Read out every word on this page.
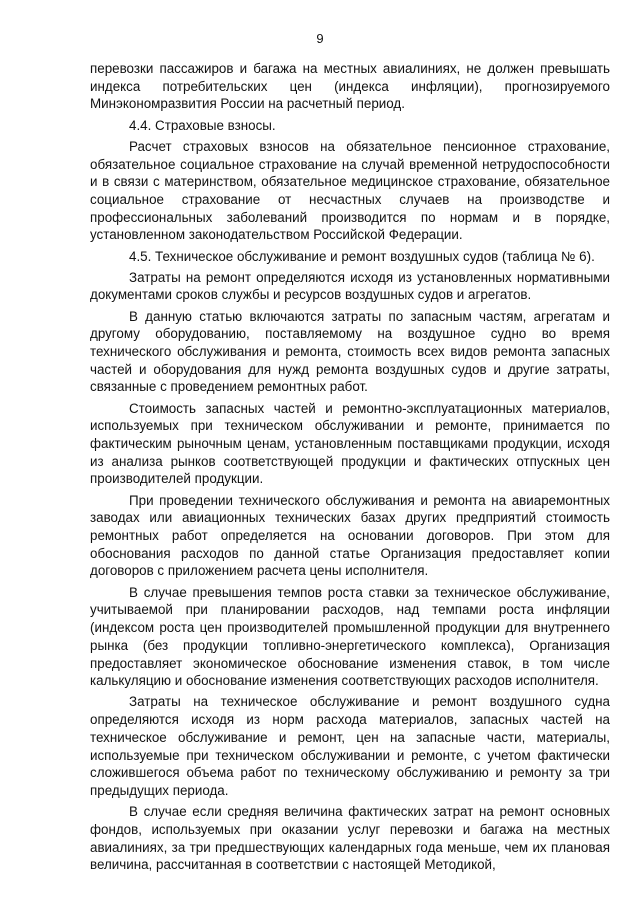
9

перевозки пассажиров и багажа на местных авиалиниях, не должен превышать индекса потребительских цен (индекса инфляции), прогнозируемого Минэкономразвития России на расчетный период.

4.4. Страховые взносы.

Расчет страховых взносов на обязательное пенсионное страхование, обязательное социальное страхование на случай временной нетрудоспособности и в связи с материнством, обязательное медицинское страхование, обязательное социальное страхование от несчастных случаев на производстве и профессиональных заболеваний производится по нормам и в порядке, установленном законодательством Российской Федерации.

4.5. Техническое обслуживание и ремонт воздушных судов (таблица № 6).

Затраты на ремонт определяются исходя из установленных нормативными документами сроков службы и ресурсов воздушных судов и агрегатов.

В данную статью включаются затраты по запасным частям, агрегатам и другому оборудованию, поставляемому на воздушное судно во время технического обслуживания и ремонта, стоимость всех видов ремонта запасных частей и оборудования для нужд ремонта воздушных судов и другие затраты, связанные с проведением ремонтных работ.

Стоимость запасных частей и ремонтно-эксплуатационных материалов, используемых при техническом обслуживании и ремонте, принимается по фактическим рыночным ценам, установленным поставщиками продукции, исходя из анализа рынков соответствующей продукции и фактических отпускных цен производителей продукции.

При проведении технического обслуживания и ремонта на авиаремонтных заводах или авиационных технических базах других предприятий стоимость ремонтных работ определяется на основании договоров. При этом для обоснования расходов по данной статье Организация предоставляет копии договоров с приложением расчета цены исполнителя.

В случае превышения темпов роста ставки за техническое обслуживание, учитываемой при планировании расходов, над темпами роста инфляции (индексом роста цен производителей промышленной продукции для внутреннего рынка (без продукции топливно-энергетического комплекса), Организация предоставляет экономическое обоснование изменения ставок, в том числе калькуляцию и обоснование изменения соответствующих расходов исполнителя.

Затраты на техническое обслуживание и ремонт воздушного судна определяются исходя из норм расхода материалов, запасных частей на техническое обслуживание и ремонт, цен на запасные части, материалы, используемые при техническом обслуживании и ремонте, с учетом фактически сложившегося объема работ по техническому обслуживанию и ремонту за три предыдущих периода.

В случае если средняя величина фактических затрат на ремонт основных фондов, используемых при оказании услуг перевозки и багажа на местных авиалиниях, за три предшествующих календарных года меньше, чем их плановая величина, рассчитанная в соответствии с настоящей Методикой,
